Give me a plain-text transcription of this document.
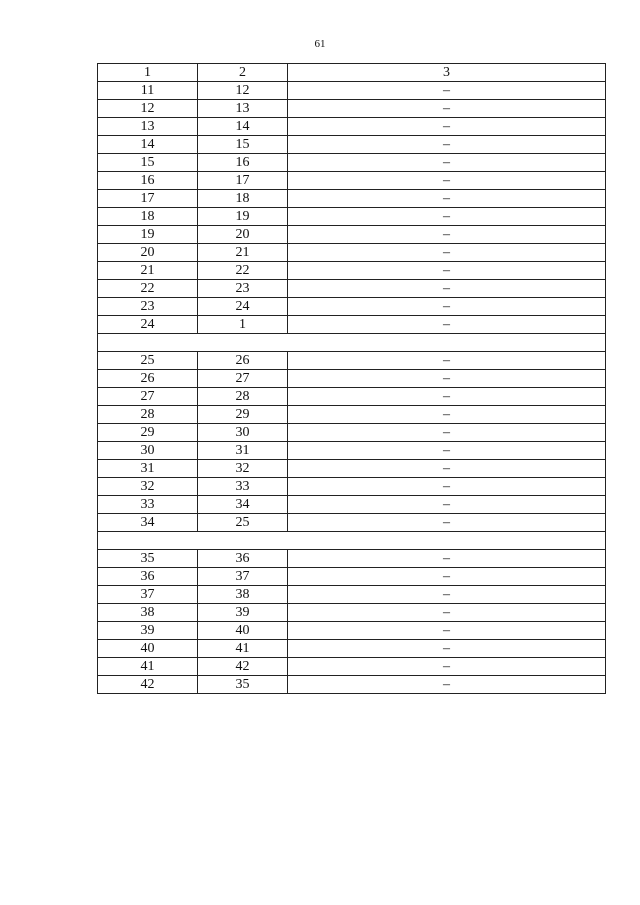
61
1	2	3
11	12	–
12	13	–
13	14	–
14	15	–
15	16	–
16	17	–
17	18	–
18	19	–
19	20	–
20	21	–
21	22	–
22	23	–
23	24	–
24	1	–

25	26	–
26	27	–
27	28	–
28	29	–
29	30	–
30	31	–
31	32	–
32	33	–
33	34	–
34	25	–

35	36	–
36	37	–
37	38	–
38	39	–
39	40	–
40	41	–
41	42	–
42	35	–
